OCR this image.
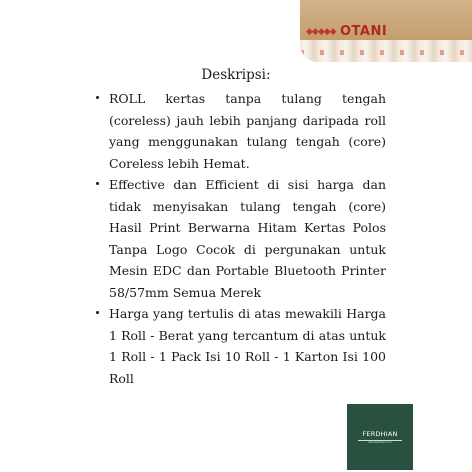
◆◆◆◆◆ OTANI
Deskripsi:
ROLL kertas tanpa tulang tengah (coreless) jauh lebih panjang daripada roll yang menggunakan tulang tengah (core) Coreless lebih Hemat.
Effective dan Efficient di sisi harga dan tidak menyisakan tulang tengah (core) Hasil Print Berwarna Hitam Kertas Polos Tanpa Logo Cocok di pergunakan untuk Mesin EDC dan Portable Bluetooth Printer 58/57mm Semua Merek
Harga yang tertulis di atas mewakili Harga 1 Roll - Berat yang tercantum di atas untuk 1 Roll - 1 Pack Isi 10 Roll - 1 Karton Isi 100 Roll
FERDHIAN
www.ferdhian.com
